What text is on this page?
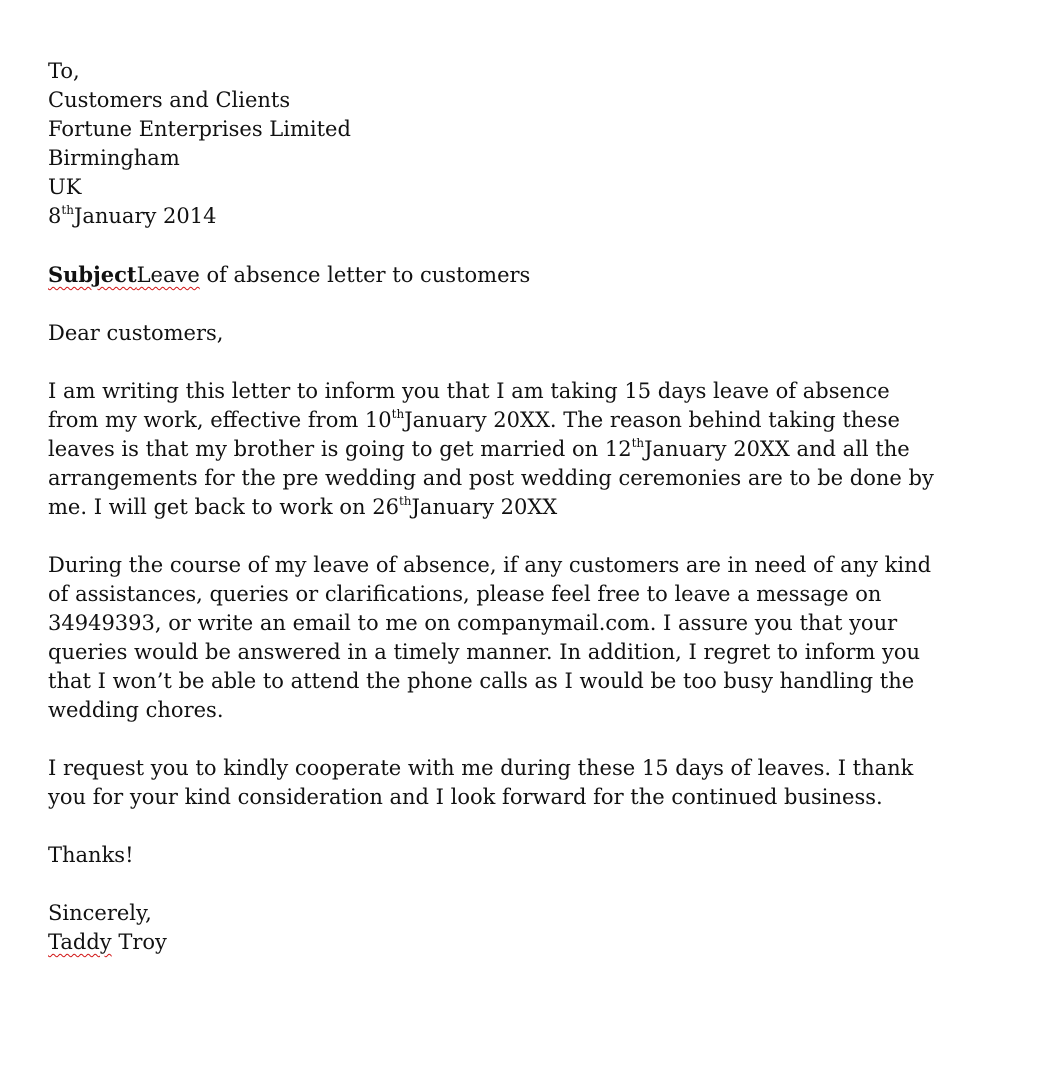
To,
Customers and Clients
Fortune Enterprises Limited
Birmingham
UK
8thJanuary 2014
SubjectLeave of absence letter to customers
Dear customers,
I am writing this letter to inform you that I am taking 15 days leave of absence
from my work, effective from 10thJanuary 20XX. The reason behind taking these
leaves is that my brother is going to get married on 12thJanuary 20XX and all the
arrangements for the pre wedding and post wedding ceremonies are to be done by
me. I will get back to work on 26thJanuary 20XX
During the course of my leave of absence, if any customers are in need of any kind
of assistances, queries or clarifications, please feel free to leave a message on
34949393, or write an email to me on companymail.com. I assure you that your
queries would be answered in a timely manner. In addition, I regret to inform you
that I won’t be able to attend the phone calls as I would be too busy handling the
wedding chores.
I request you to kindly cooperate with me during these 15 days of leaves. I thank
you for your kind consideration and I look forward for the continued business.
Thanks!
Sincerely,
Taddy Troy
